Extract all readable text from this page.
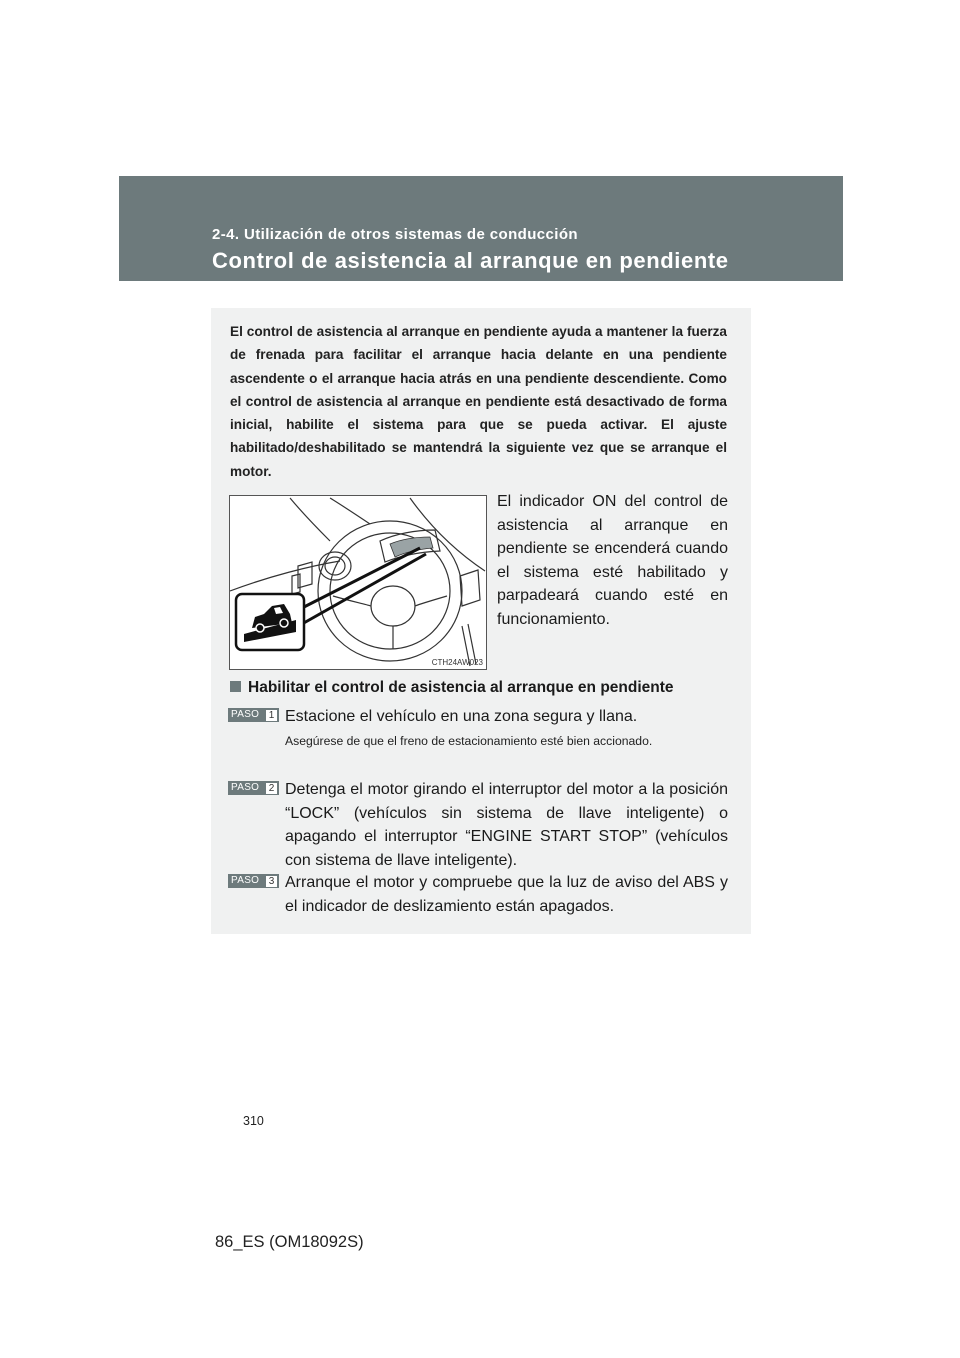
2-4. Utilización de otros sistemas de conducción
Control de asistencia al arranque en pendiente
El control de asistencia al arranque en pendiente ayuda a mantener la fuerza de frenada para facilitar el arranque hacia delante en una pendiente ascendente o el arranque hacia atrás en una pendiente descendiente. Como el control de asistencia al arranque en pendiente está desactivado de forma inicial, habilite el sistema para que se pueda activar. El ajuste habilitado/deshabilitado se mantendrá la siguiente vez que se arranque el motor.
CTH24AW023
El indicador ON del control de asistencia al arranque en pendiente se encenderá cuando el sistema esté habilitado y parpadeará cuando esté en funcionamiento.
Habilitar el control de asistencia al arranque en pendiente
PASO 1 Estacione el vehículo en una zona segura y llana.
Asegúrese de que el freno de estacionamiento esté bien accionado.
PASO 2 Detenga el motor girando el interruptor del motor a la posición “LOCK” (vehículos sin sistema de llave inteligente) o apagando el interruptor “ENGINE START STOP” (vehículos con sistema de llave inteligente).
PASO 3 Arranque el motor y compruebe que la luz de aviso del ABS y el indicador de deslizamiento están apagados.
310
86_ES (OM18092S)
